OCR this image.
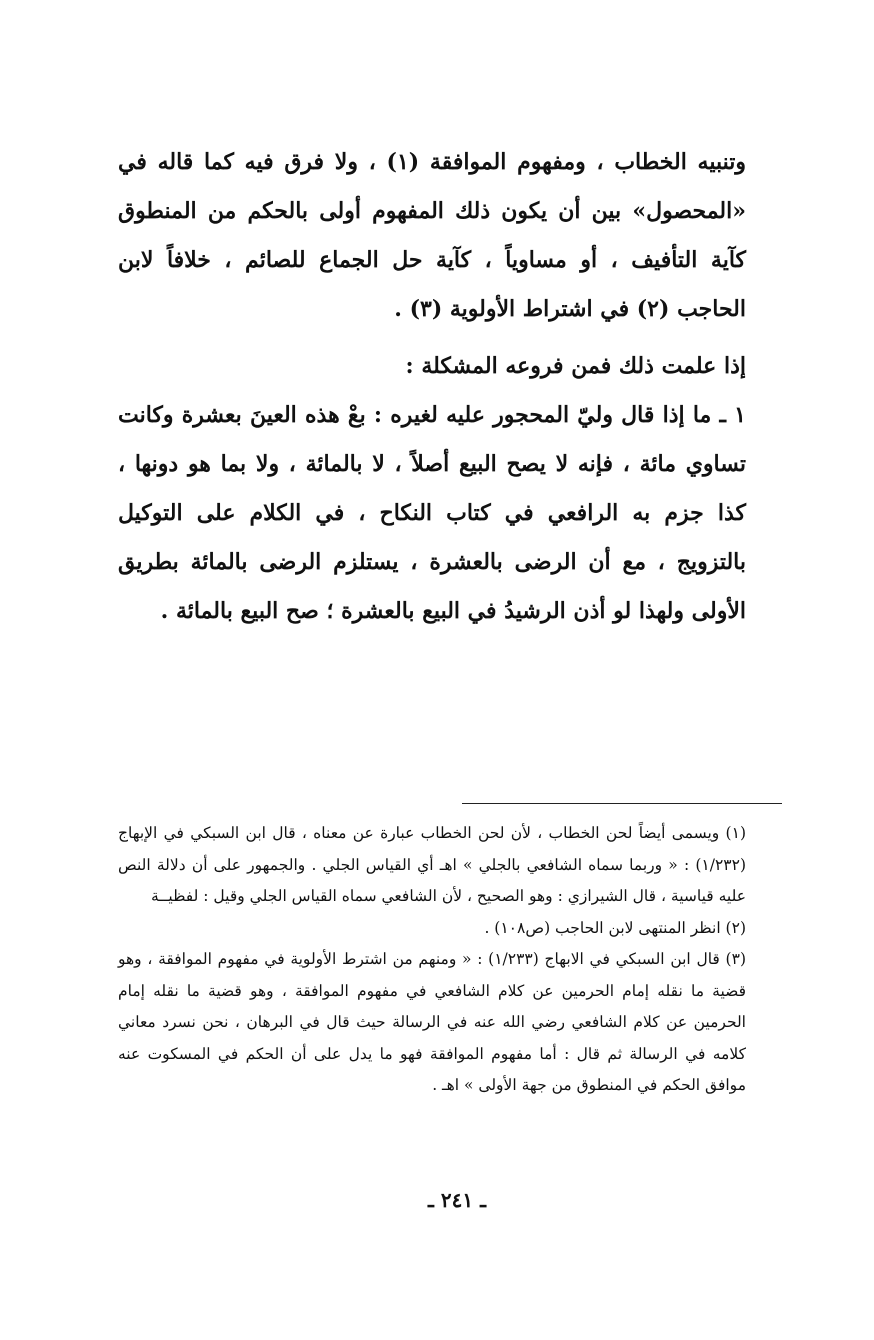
وتنبيه الخطاب ، ومفهوم الموافقة (١) ، ولا فرق فيه كما قاله في «المحصول» بين أن يكون ذلك المفهوم أولى بالحكم من المنطوق كآية التأفيف ، أو مساوياً ، كآية حل الجماع للصائم ، خلافاً لابن الحاجب (٢) في اشتراط الأولوية (٣) .

إذا علمت ذلك فمن فروعه المشكلة :

١ ـ ما إذا قال وليّ المحجور عليه لغيره : بعْ هذه العينَ بعشرة وكانت تساوي مائة ، فإنه لا يصح البيع أصلاً ، لا بالمائة ، ولا بما هو دونها ، كذا جزم به الرافعي في كتاب النكاح ، في الكلام على التوكيل بالتزويج ، مع أن الرضى بالعشرة ، يستلزم الرضى بالمائة بطريق الأولى ولهذا لو أذن الرشيدُ في البيع بالعشرة ؛ صح البيع بالمائة .

(١) ويسمى أيضاً لحن الخطاب ، لأن لحن الخطاب عبارة عن معناه ، قال ابن السبكي في الإبهاج (١/٢٣٢) : « وربما سماه الشافعي بالجلي » اهـ أي القياس الجلي . والجمهور على أن دلالة النص عليه قياسية ، قال الشيرازي : وهو الصحيح ، لأن الشافعي سماه القياس الجلي وقيل : لفظيــة

(٢) انظر المنتهى لابن الحاجب (ص١٠٨) .

(٣) قال ابن السبكي في الابهاج (١/٢٣٣) : « ومنهم من اشترط الأولوية في مفهوم الموافقة ، وهو قضية ما نقله إمام الحرمين عن كلام الشافعي في مفهوم الموافقة ، وهو قضية ما نقله إمام الحرمين عن كلام الشافعي رضي الله عنه في الرسالة حيث قال في البرهان ، نحن نسرد معاني كلامه في الرسالة ثم قال : أما مفهوم الموافقة فهو ما يدل على أن الحكم في المسكوت عنه موافق الحكم في المنطوق من جهة الأولى » اهـ .

ـ ٢٤١ ـ
